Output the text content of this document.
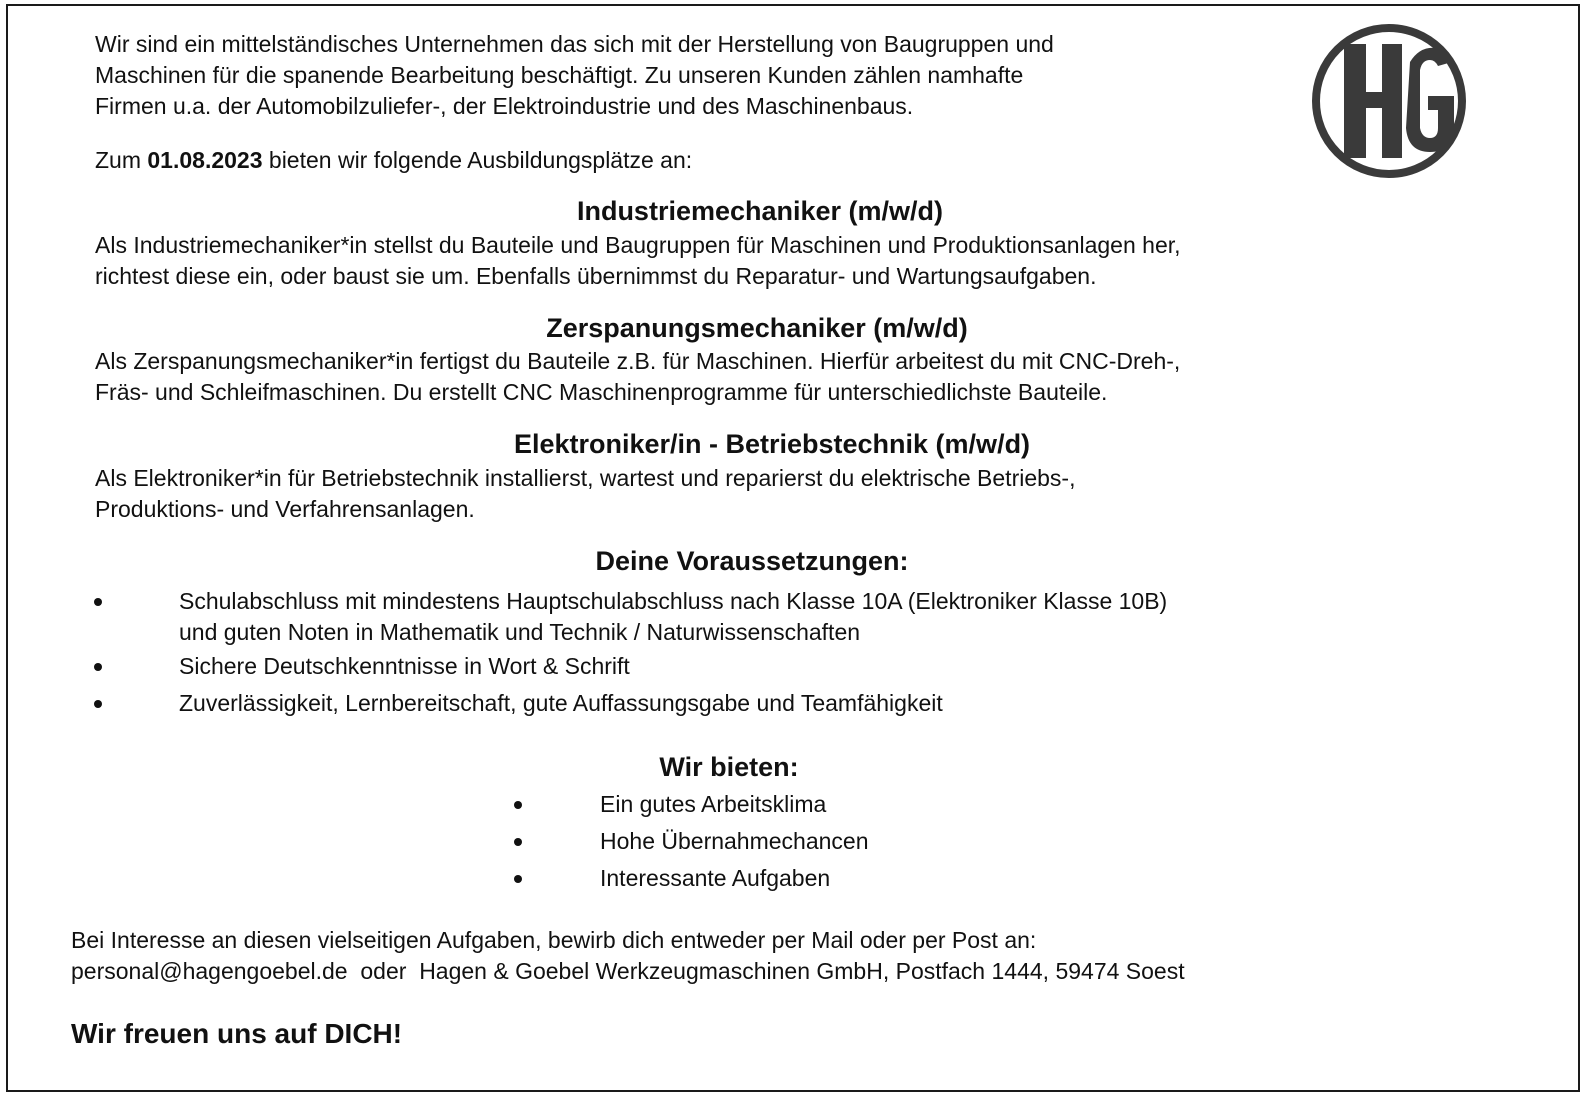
Wir sind ein mittelständisches Unternehmen das sich mit der Herstellung von Baugruppen und
Maschinen für die spanende Bearbeitung beschäftigt. Zu unseren Kunden zählen namhafte
Firmen u.a. der Automobilzuliefer-, der Elektroindustrie und des Maschinenbaus.
Zum 01.08.2023 bieten wir folgende Ausbildungsplätze an:
Industriemechaniker (m/w/d)
Als Industriemechaniker*in stellst du Bauteile und Baugruppen für Maschinen und Produktionsanlagen her,
richtest diese ein, oder baust sie um. Ebenfalls übernimmst du Reparatur- und Wartungsaufgaben.
Zerspanungsmechaniker (m/w/d)
Als Zerspanungsmechaniker*in fertigst du Bauteile z.B. für Maschinen. Hierfür arbeitest du mit CNC-Dreh-,
Fräs- und Schleifmaschinen. Du erstellt CNC Maschinenprogramme für unterschiedlichste Bauteile.
Elektroniker/in - Betriebstechnik (m/w/d)
Als Elektroniker*in für Betriebstechnik installierst, wartest und reparierst du elektrische Betriebs-,
Produktions- und Verfahrensanlagen.
Deine Voraussetzungen:
Schulabschluss mit mindestens Hauptschulabschluss nach Klasse 10A (Elektroniker Klasse 10B)
und guten Noten in Mathematik und Technik / Naturwissenschaften
Sichere Deutschkenntnisse in Wort & Schrift
Zuverlässigkeit, Lernbereitschaft, gute Auffassungsgabe und Teamfähigkeit
Wir bieten:
Ein gutes Arbeitsklima
Hohe Übernahmechancen
Interessante Aufgaben
Bei Interesse an diesen vielseitigen Aufgaben, bewirb dich entweder per Mail oder per Post an:
personal@hagengoebel.de  oder  Hagen & Goebel Werkzeugmaschinen GmbH, Postfach 1444, 59474 Soest
Wir freuen uns auf DICH!
